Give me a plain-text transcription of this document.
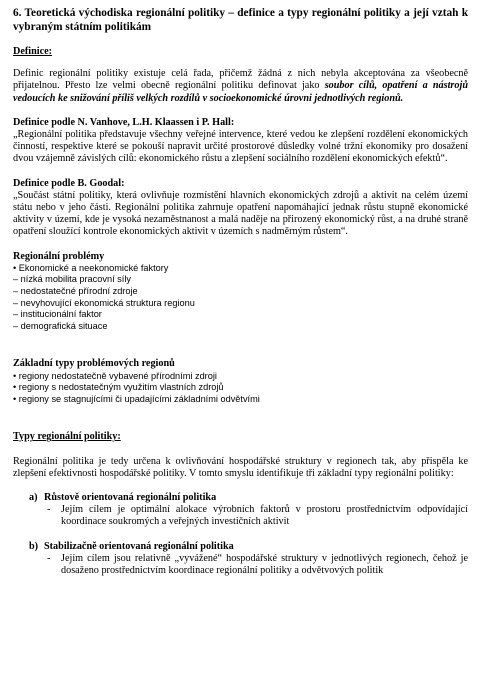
6. Teoretická východiska regionální politiky – definice a typy regionální politiky a její vztah k vybraným státním politikám

Definice:

Definic regionální politiky existuje celá řada, přičemž žádná z nich nebyla akceptována za všeobecně přijatelnou. Přesto lze velmi obecně regionální politiku definovat jako soubor cílů, opatření a nástrojů vedoucích ke snižování příliš velkých rozdílů v socioekonomické úrovni jednotlivých regionů.

Definice podle N. Vanhove, L.H. Klaassen i P. Hall:

„Regionální politika představuje všechny veřejné intervence, které vedou ke zlepšení rozdělení ekonomických činností, respektive které se pokouší napravit určité prostorové důsledky volné tržní ekonomiky pro dosažení dvou vzájemně závislých cílů: ekonomického růstu a zlepšení sociálního rozdělení ekonomických efektů“.

Definice podle B. Goodal:

„Součást státní politiky, která ovlivňuje rozmístění hlavních ekonomických zdrojů a aktivit na celém území státu nebo v jeho části. Regionální politika zahrnuje opatření napomáhající jednak růstu stupně ekonomické aktivity v území, kde je vysoká nezaměstnanost a malá naděje na přirozený ekonomický růst, a na druhé straně opatření sloužící kontrole ekonomických aktivit v územích s nadměrným růstem“.

Regionální problémy

• Ekonomické a neekonomické faktory
– nízká mobilita pracovní síly
– nedostatečné přírodní zdroje
– nevyhovující ekonomická struktura regionu
– institucionální faktor
– demografická situace

Základní typy problémových regionů

• regiony nedostatečně vybavené přírodními zdroji
• regiony s nedostatečným využitím vlastních zdrojů
• regiony se stagnujícími či upadajícími základními odvětvími

Typy regionální politiky:

Regionální politika je tedy určena k ovlivňování hospodářské struktury v regionech tak, aby přispěla ke zlepšení efektivnosti hospodářské politiky. V tomto smyslu identifikuje tři základní typy regionální politiky:

a) Růstově orientovaná regionální politika
-	Jejím cílem je optimální alokace výrobních faktorů v prostoru prostřednictvím odpovídající koordinace soukromých a veřejných investičních aktivit
b) Stabilizačně orientovaná regionální politika
-	Jejím cílem jsou relativně „vyvážené“ hospodářské struktury v jednotlivých regionech, čehož je dosaženo prostřednictvím koordinace regionální politiky a odvětvových politik
